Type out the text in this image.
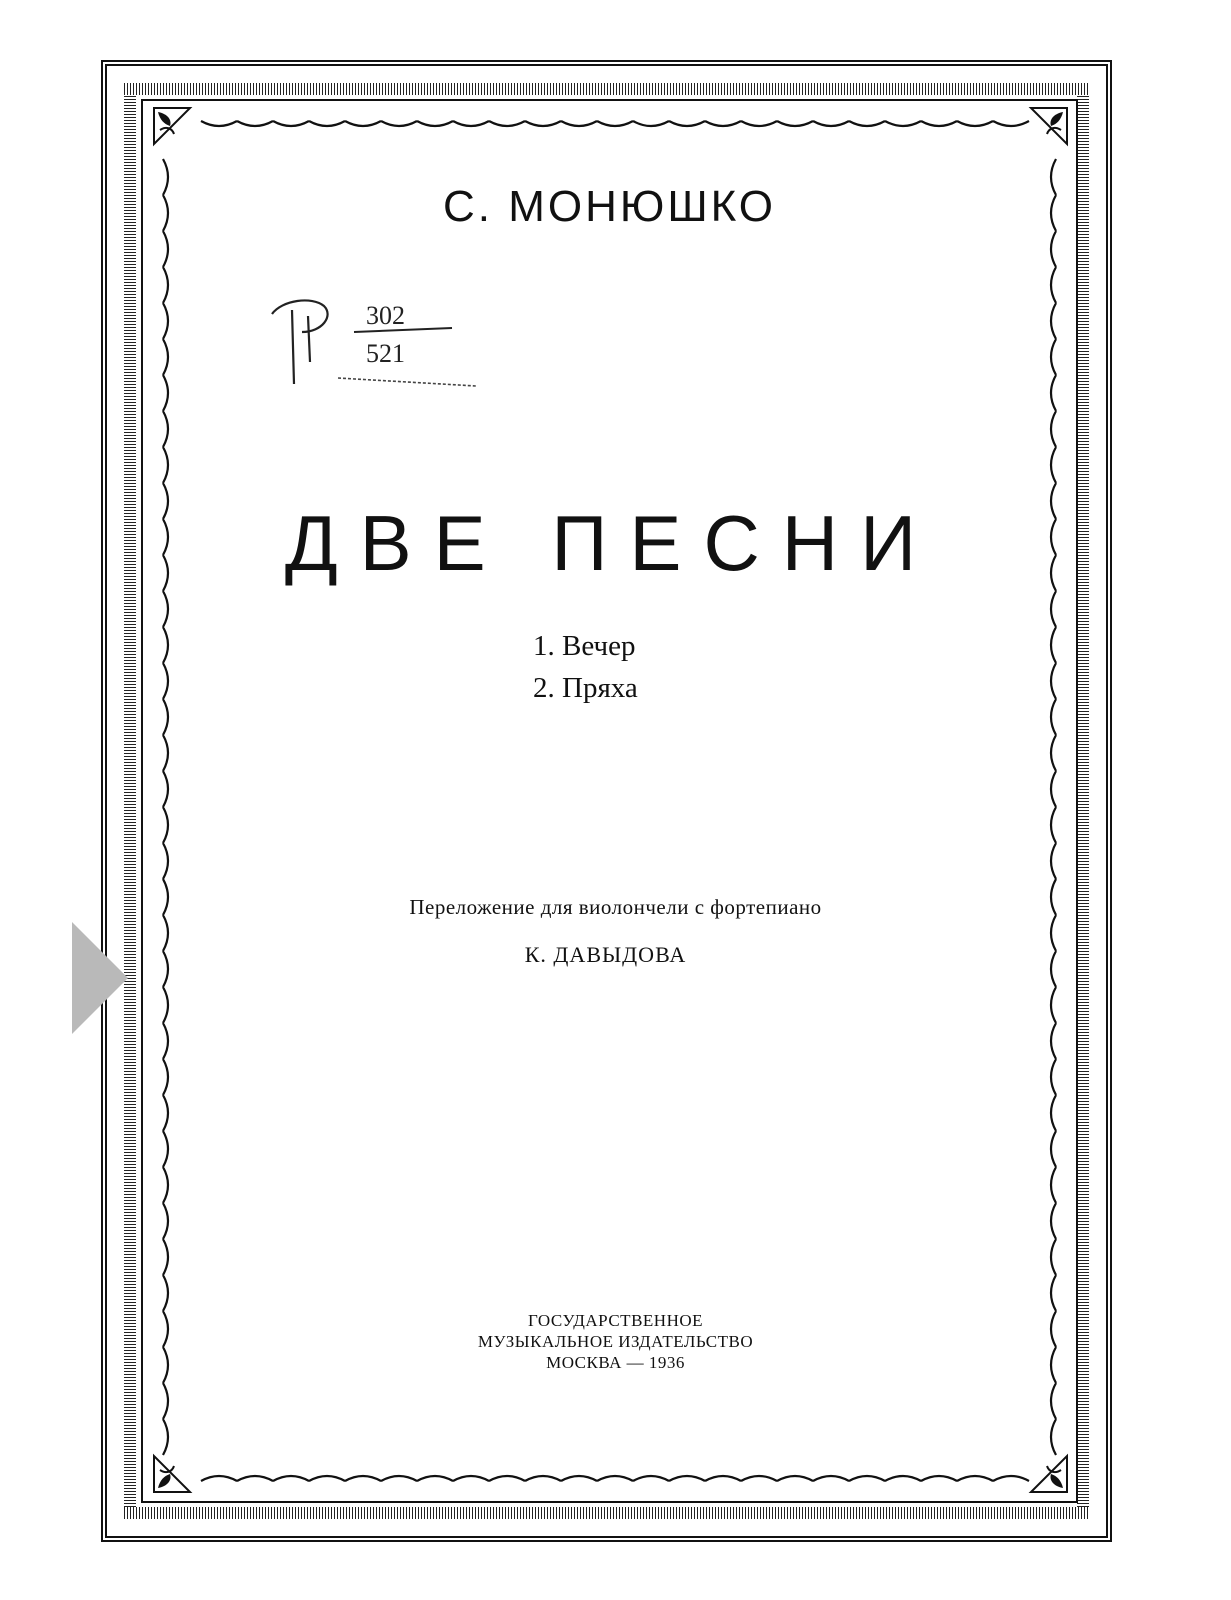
С. МОНЮШКО
302
521
ДВЕ ПЕСНИ
1. Вечер
2. Пряха
Переложение для виолончели с фортепиано
К. ДАВЫДОВА
ГОСУДАРСТВЕННОЕ
МУЗЫКАЛЬНОЕ ИЗДАТЕЛЬСТВО
МОСКВА — 1936
